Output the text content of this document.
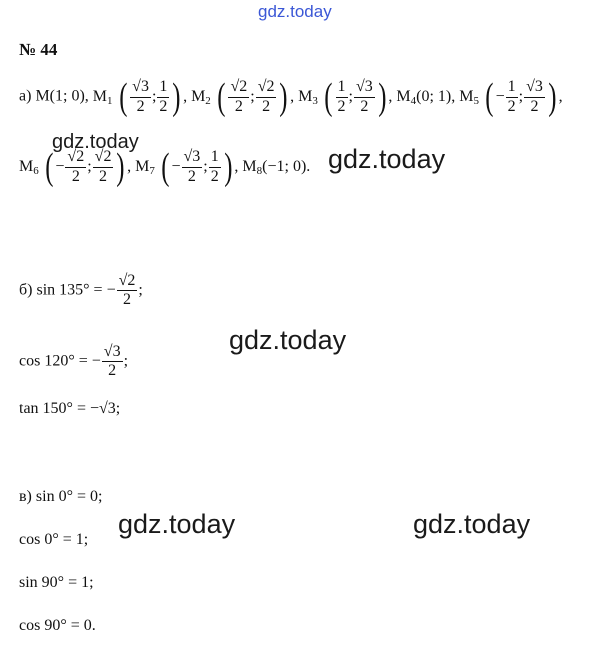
gdz.today
gdz.today
gdz.today
gdz.today
gdz.today	gdz.today
№ 44
а) M(1; 0), $M_1$ ( $\frac{√3}{2}$ ; $\frac{1}{2}$ ) , $M_2$ ( $\frac{√2}{2}$ ; $\frac{√2}{2}$ ) , $M_3$ ( $\frac{1}{2}$ ; $\frac{√3}{2}$ ) , $M_4(0$; 1), $M_5$ ( − $\frac{1}{2}$ ; $\frac{√3}{2}$ ) ,
$M_6$ ( − $\frac{√2}{2}$ ; $\frac{√2}{2}$ ) , $M_7$ ( − $\frac{√3}{2}$ ; $\frac{1}{2}$ ) , $M_8(-1$; 0).
б) sin 135° = − $\frac{√2}{2}$ ;
cos 120° = − $\frac{√3}{2}$ ;
tan 150° = −√3;
в) sin 0° = 0;
cos 0° = 1;
sin 90° = 1;
cos 90° = 0.
